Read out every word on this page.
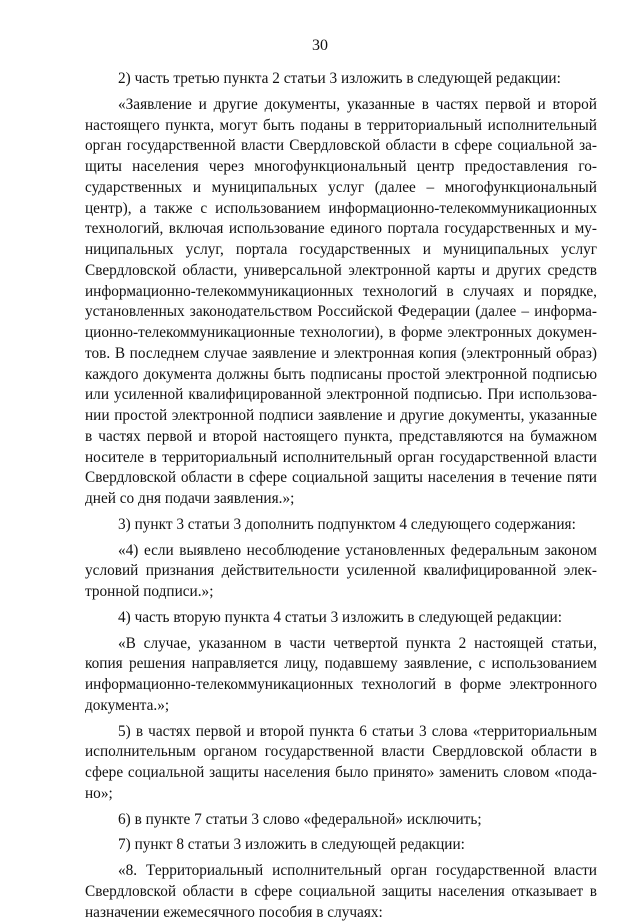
30
2) часть третью пункта 2 статьи 3 изложить в следующей редакции:
«Заявление и другие документы, указанные в частях первой и второй
настоящего пункта, могут быть поданы в территориальный исполнительный
орган государственной власти Свердловской области в сфере социальной за-
щиты населения через многофункциональный центр предоставления го-
сударственных и муниципальных услуг (далее – многофункциональный
центр), а также с использованием информационно-телекоммуникационных
технологий, включая использование единого портала государственных и му-
ниципальных услуг, портала государственных и муниципальных услуг
Свердловской области, универсальной электронной карты и других средств
информационно-телекоммуникационных технологий в случаях и порядке,
установленных законодательством Российской Федерации (далее – информа-
ционно-телекоммуникационные технологии), в форме электронных докумен-
тов. В последнем случае заявление и электронная копия (электронный образ)
каждого документа должны быть подписаны простой электронной подписью
или усиленной квалифицированной электронной подписью. При использова-
нии простой электронной подписи заявление и другие документы, указанные
в частях первой и второй настоящего пункта, представляются на бумажном
носителе в территориальный исполнительный орган государственной власти
Свердловской области в сфере социальной защиты населения в течение пяти
дней со дня подачи заявления.»;
3) пункт 3 статьи 3 дополнить подпунктом 4 следующего содержания:
«4) если выявлено несоблюдение установленных федеральным законом
условий признания действительности усиленной квалифицированной элек-
тронной подписи.»;
4) часть вторую пункта 4 статьи 3 изложить в следующей редакции:
«В случае, указанном в части четвертой пункта 2 настоящей статьи,
копия решения направляется лицу, подавшему заявление, с использованием
информационно-телекоммуникационных технологий в форме электронного
документа.»;
5) в частях первой и второй пункта 6 статьи 3 слова «территориальным
исполнительным органом государственной власти Свердловской области в
сфере социальной защиты населения было принято» заменить словом «пода-
но»;
6) в пункте 7 статьи 3 слово «федеральной» исключить;
7) пункт 8 статьи 3 изложить в следующей редакции:
«8. Территориальный исполнительный орган государственной власти
Свердловской области в сфере социальной защиты населения отказывает в
назначении ежемесячного пособия в случаях:
